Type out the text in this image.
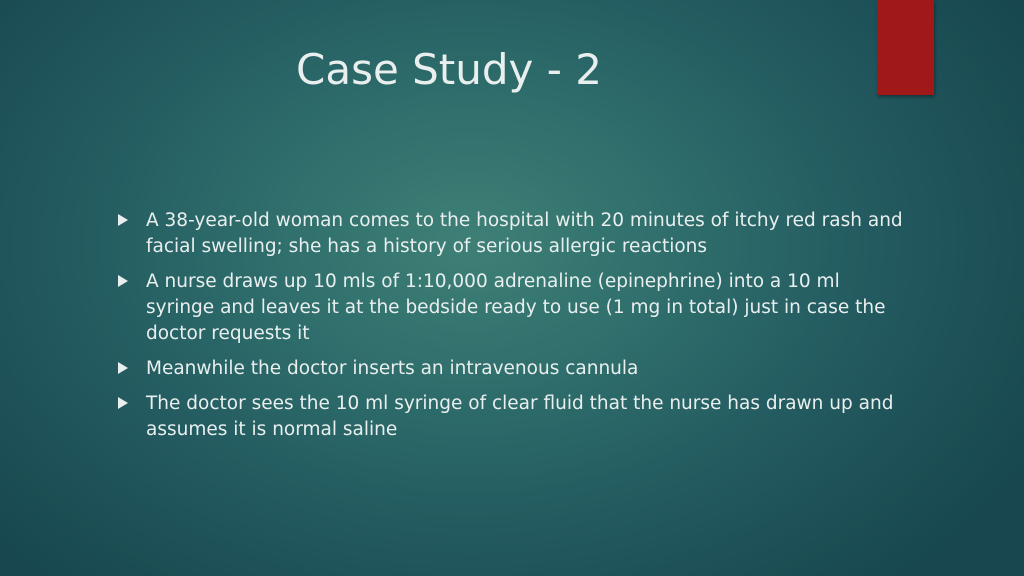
Case Study - 2
A 38-year-old woman comes to the hospital with 20 minutes of itchy red rash and facial swelling; she has a history of serious allergic reactions
A nurse draws up 10 mls of 1:10,000 adrenaline (epinephrine) into a 10 ml syringe and leaves it at the bedside ready to use (1 mg in total) just in case the doctor requests it
Meanwhile the doctor inserts an intravenous cannula
The doctor sees the 10 ml syringe of clear fluid that the nurse has drawn up and assumes it is normal saline
